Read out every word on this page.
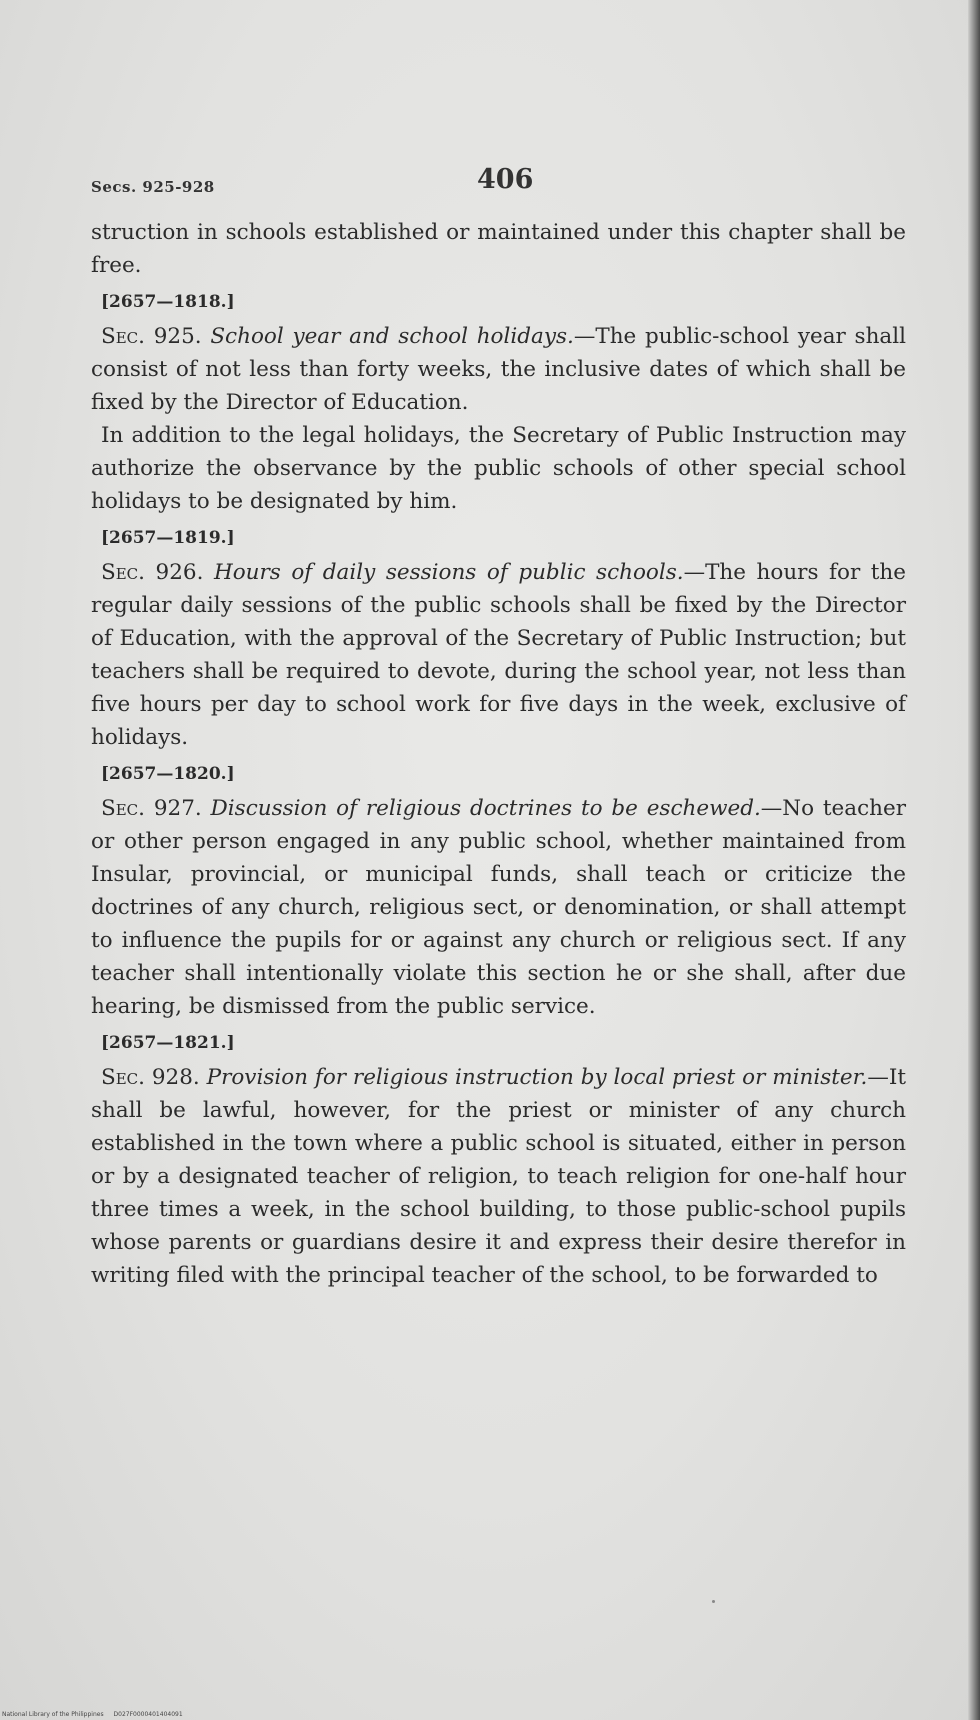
Secs. 925-928	406

struction in schools established or maintained under this chapter shall be free.

[2657—1818.]

Sec. 925. School year and school holidays.—The public-school year shall consist of not less than forty weeks, the inclusive dates of which shall be fixed by the Director of Education.

In addition to the legal holidays, the Secretary of Public Instruction may authorize the observance by the public schools of other special school holidays to be designated by him.

[2657—1819.]

Sec. 926. Hours of daily sessions of public schools.—The hours for the regular daily sessions of the public schools shall be fixed by the Director of Education, with the approval of the Secretary of Public Instruction; but teachers shall be required to devote, during the school year, not less than five hours per day to school work for five days in the week, exclusive of holidays.

[2657—1820.]

Sec. 927. Discussion of religious doctrines to be eschewed.—No teacher or other person engaged in any public school, whether maintained from Insular, provincial, or municipal funds, shall teach or criticize the doctrines of any church, religious sect, or denomination, or shall attempt to influence the pupils for or against any church or religious sect. If any teacher shall intentionally violate this section he or she shall, after due hearing, be dismissed from the public service.

[2657—1821.]

Sec. 928. Provision for religious instruction by local priest or minister.—It shall be lawful, however, for the priest or minister of any church established in the town where a public school is situated, either in person or by a designated teacher of religion, to teach religion for one-half hour three times a week, in the school building, to those public-school pupils whose parents or guardians desire it and express their desire therefor in writing filed with the principal teacher of the school, to be forwarded to

National Library of the Philippines D027F0000401404091
